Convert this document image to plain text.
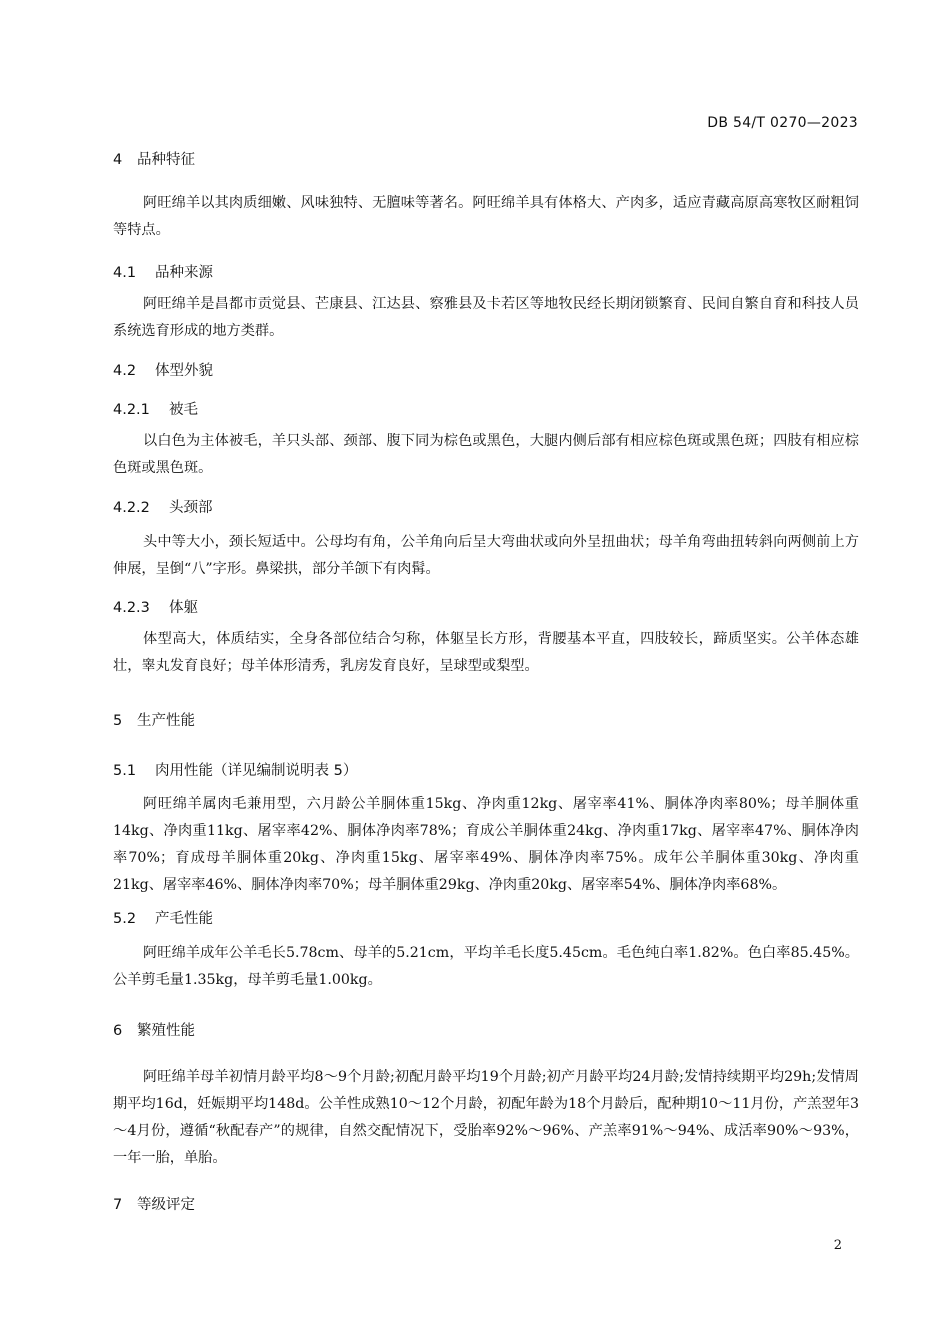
DB 54/T 0270—2023
4 品种特征
阿旺绵羊以其肉质细嫩、风味独特、无膻味等著名。阿旺绵羊具有体格大、产肉多，适应青藏高原高寒牧区耐粗饲等特点。
4.1 品种来源
阿旺绵羊是昌都市贡觉县、芒康县、江达县、察雅县及卡若区等地牧民经长期闭锁繁育、民间自繁自育和科技人员系统选育形成的地方类群。
4.2 体型外貌
4.2.1 被毛
以白色为主体被毛，羊只头部、颈部、腹下同为棕色或黑色，大腿内侧后部有相应棕色斑或黑色斑；四肢有相应棕色斑或黑色斑。
4.2.2 头颈部
头中等大小，颈长短适中。公母均有角，公羊角向后呈大弯曲状或向外呈扭曲状；母羊角弯曲扭转斜向两侧前上方伸展，呈倒“八”字形。鼻梁拱，部分羊颌下有肉髯。
4.2.3 体躯
体型高大，体质结实，全身各部位结合匀称，体躯呈长方形，背腰基本平直，四肢较长，蹄质坚实。公羊体态雄壮，睾丸发育良好；母羊体形清秀，乳房发育良好，呈球型或梨型。
5 生产性能
5.1 肉用性能（详见编制说明表 5）
阿旺绵羊属肉毛兼用型，六月龄公羊胴体重15kg、净肉重12kg、屠宰率41%、胴体净肉率80%；母羊胴体重14kg、净肉重11kg、屠宰率42%、胴体净肉率78%；育成公羊胴体重24kg、净肉重17kg、屠宰率47%、胴体净肉率70%；育成母羊胴体重20kg、净肉重15kg、屠宰率49%、胴体净肉率75%。成年公羊胴体重30kg、净肉重21kg、屠宰率46%、胴体净肉率70%；母羊胴体重29kg、净肉重20kg、屠宰率54%、胴体净肉率68%。
5.2 产毛性能
阿旺绵羊成年公羊毛长5.78cm、母羊的5.21cm，平均羊毛长度5.45cm。毛色纯白率1.82%。色白率85.45%。公羊剪毛量1.35kg，母羊剪毛量1.00kg。
6 繁殖性能
阿旺绵羊母羊初情月龄平均8～9个月龄;初配月龄平均19个月龄;初产月龄平均24月龄;发情持续期平均29h;发情周期平均16d，妊娠期平均148d。公羊性成熟10～12个月龄，初配年龄为18个月龄后，配种期10～11月份，产羔翌年3～4月份，遵循“秋配春产”的规律，自然交配情况下，受胎率92%～96%、产羔率91%～94%、成活率90%～93%，一年一胎，单胎。
7 等级评定
2
